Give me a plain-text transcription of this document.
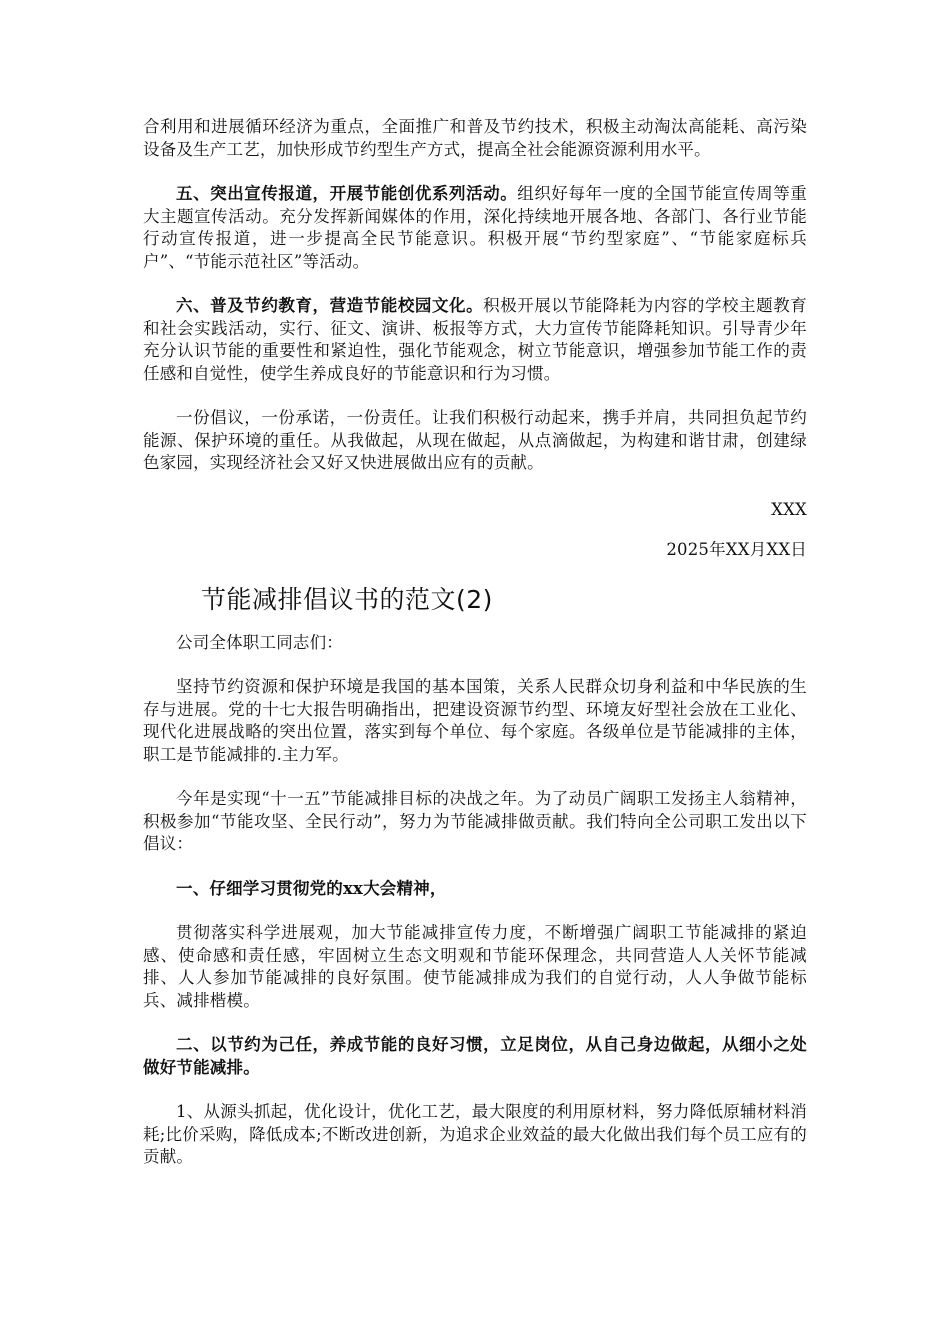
合利用和进展循环经济为重点，全面推广和普及节约技术，积极主动淘汰高能耗、高污染设备及生产工艺，加快形成节约型生产方式，提高全社会能源资源利用水平。

五、突出宣传报道，开展节能创优系列活动。组织好每年一度的全国节能宣传周等重大主题宣传活动。充分发挥新闻媒体的作用，深化持续地开展各地、各部门、各行业节能行动宣传报道，进一步提高全民节能意识。积极开展“节约型家庭”、“节能家庭标兵户”、“节能示范社区”等活动。

六、普及节约教育，营造节能校园文化。积极开展以节能降耗为内容的学校主题教育和社会实践活动，实行、征文、演讲、板报等方式，大力宣传节能降耗知识。引导青少年充分认识节能的重要性和紧迫性，强化节能观念，树立节能意识，增强参加节能工作的责任感和自觉性，使学生养成良好的节能意识和行为习惯。

一份倡议，一份承诺，一份责任。让我们积极行动起来，携手并肩，共同担负起节约能源、保护环境的重任。从我做起，从现在做起，从点滴做起，为构建和谐甘肃，创建绿色家园，实现经济社会又好又快进展做出应有的贡献。

XXX

2025年XX月XX日

节能减排倡议书的范文(2)

公司全体职工同志们：

坚持节约资源和保护环境是我国的基本国策，关系人民群众切身利益和中华民族的生存与进展。党的十七大报告明确指出，把建设资源节约型、环境友好型社会放在工业化、现代化进展战略的突出位置，落实到每个单位、每个家庭。各级单位是节能减排的主体，职工是节能减排的.主力军。

今年是实现“十一五”节能减排目标的决战之年。为了动员广阔职工发扬主人翁精神，积极参加“节能攻坚、全民行动”，努力为节能减排做贡献。我们特向全公司职工发出以下倡议：

一、仔细学习贯彻党的xx大会精神，

贯彻落实科学进展观，加大节能减排宣传力度，不断增强广阔职工节能减排的紧迫感、使命感和责任感，牢固树立生态文明观和节能环保理念，共同营造人人关怀节能减排、人人参加节能减排的良好氛围。使节能减排成为我们的自觉行动，人人争做节能标兵、减排楷模。

二、以节约为己任，养成节能的良好习惯，立足岗位，从自己身边做起，从细小之处做好节能减排。

1、从源头抓起，优化设计，优化工艺，最大限度的利用原材料，努力降低原辅材料消耗;比价采购，降低成本;不断改进创新，为追求企业效益的最大化做出我们每个员工应有的贡献。
